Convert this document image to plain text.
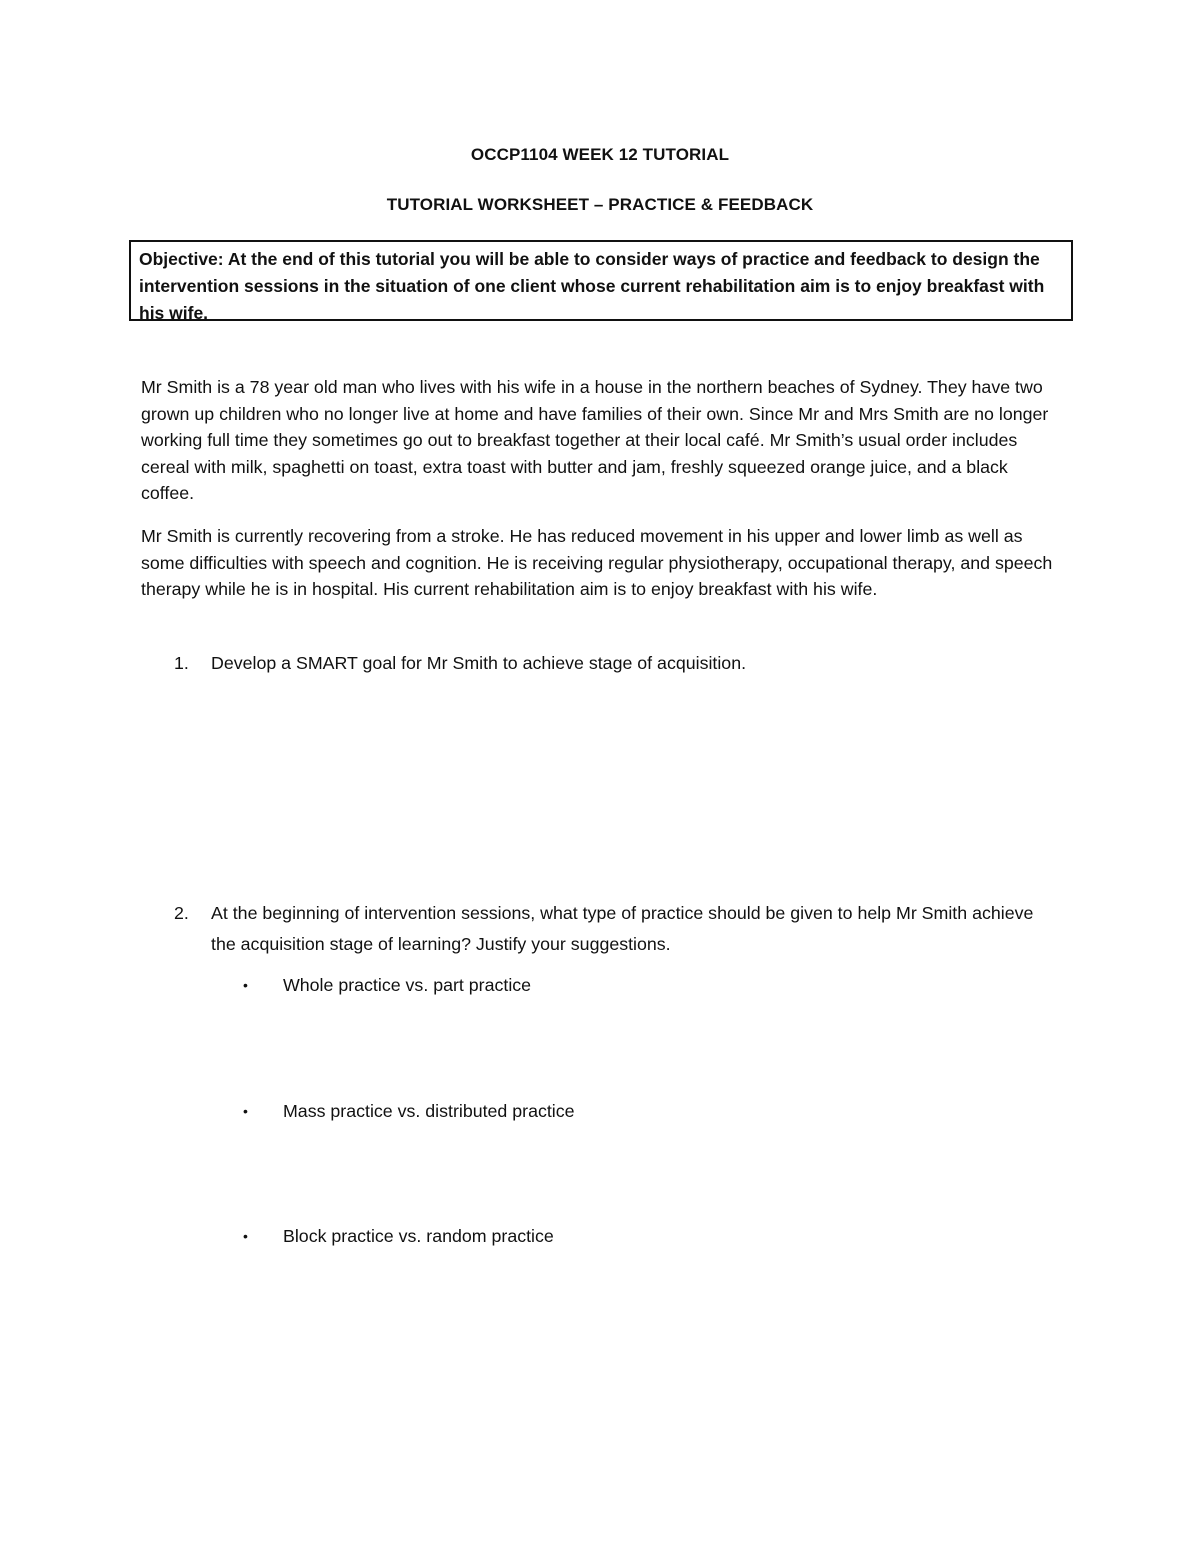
OCCP1104 WEEK 12 TUTORIAL
TUTORIAL WORKSHEET – PRACTICE & FEEDBACK
Objective: At the end of this tutorial you will be able to consider ways of practice and feedback to design the intervention sessions in the situation of one client whose current rehabilitation aim is to enjoy breakfast with his wife.
Mr Smith is a 78 year old man who lives with his wife in a house in the northern beaches of Sydney. They have two grown up children who no longer live at home and have families of their own. Since Mr and Mrs Smith are no longer working full time they sometimes go out to breakfast together at their local café. Mr Smith’s usual order includes cereal with milk, spaghetti on toast, extra toast with butter and jam, freshly squeezed orange juice, and a black coffee.
Mr Smith is currently recovering from a stroke. He has reduced movement in his upper and lower limb as well as some difficulties with speech and cognition. He is receiving regular physiotherapy, occupational therapy, and speech therapy while he is in hospital. His current rehabilitation aim is to enjoy breakfast with his wife.
1. Develop a SMART goal for Mr Smith to achieve stage of acquisition.
2. At the beginning of intervention sessions, what type of practice should be given to help Mr Smith achieve the acquisition stage of learning? Justify your suggestions.
• Whole practice vs. part practice
• Mass practice vs. distributed practice
• Block practice vs. random practice
